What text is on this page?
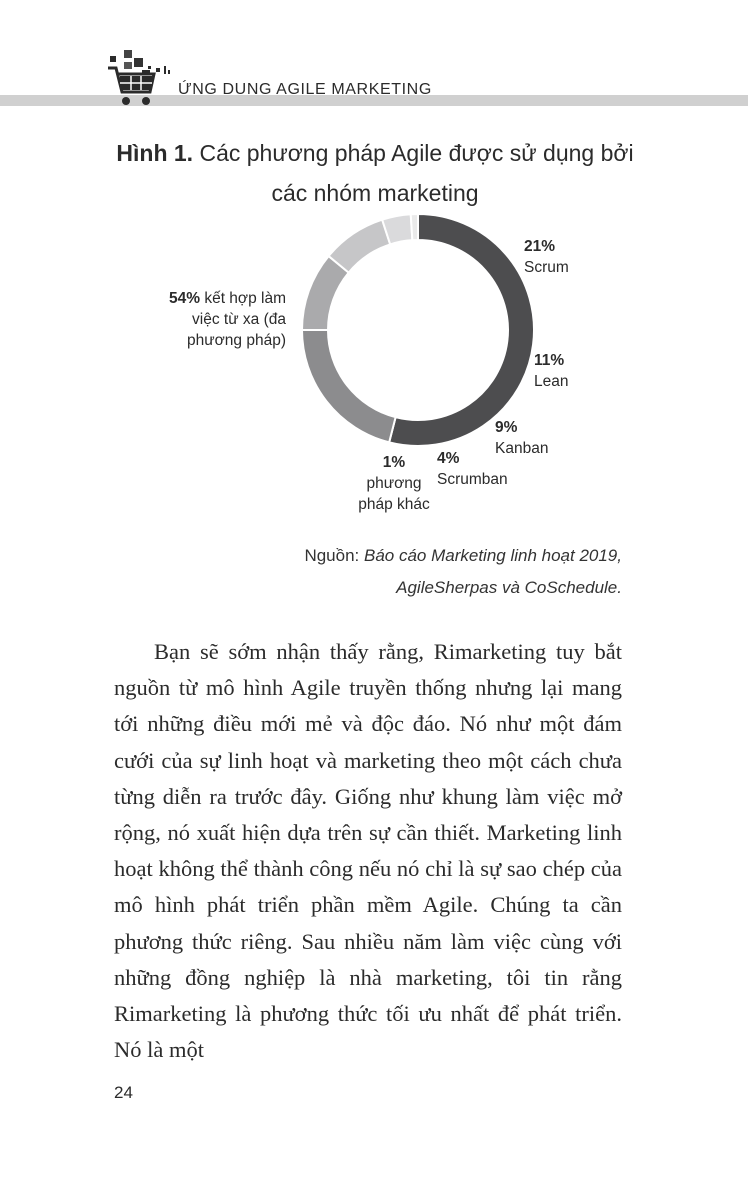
ỨNG DUNG AGILE MARKETING
Hình 1. Các phương pháp Agile được sử dụng bởi
các nhóm marketing
54% kết hợp làm việc từ xa (đa phương pháp)
21% Scrum
11% Lean
9% Kanban
4% Scrumban
1% phương pháp khác
Nguồn: Báo cáo Marketing linh hoạt 2019,
AgileSherpas và CoSchedule.

Bạn sẽ sớm nhận thấy rằng, Rimarketing tuy bắt nguồn từ mô hình Agile truyền thống nhưng lại mang tới những điều mới mẻ và độc đáo. Nó như một đám cưới của sự linh hoạt và marketing theo một cách chưa từng diễn ra trước đây. Giống như khung làm việc mở rộng, nó xuất hiện dựa trên sự cần thiết. Marketing linh hoạt không thể thành công nếu nó chỉ là sự sao chép của mô hình phát triển phần mềm Agile. Chúng ta cần phương thức riêng. Sau nhiều năm làm việc cùng với những đồng nghiệp là nhà marketing, tôi tin rằng Rimarketing là phương thức tối ưu nhất để phát triển. Nó là một

24
